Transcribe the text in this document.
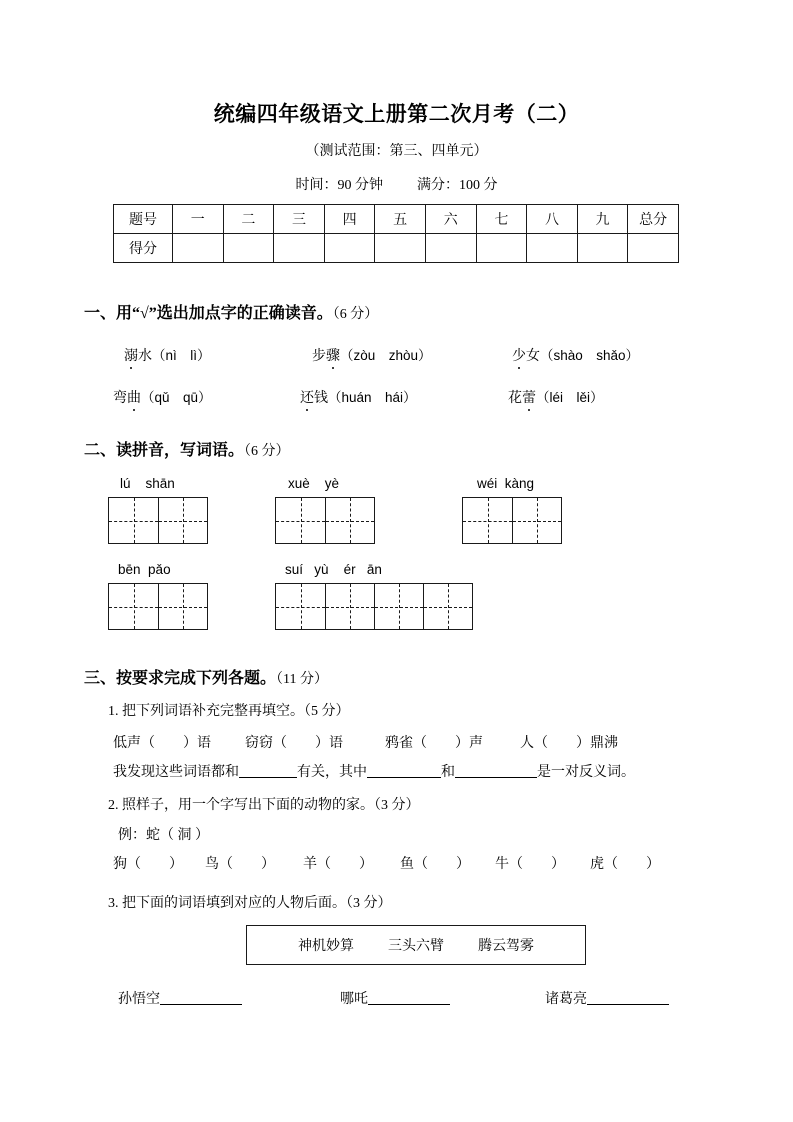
统编四年级语文上册第二次月考（二）
（测试范围：第三、四单元）
时间：90 分钟 满分：100 分
题号	一	二	三	四	五	六	七	八	九	总分
得分										
一、用“√”选出加点字的正确读音。（6 分）
溺水（nì　lì）	步骤（zòu　zhòu）	少女（shào　shǎo）
弯曲（qǔ　qū）	还钱（huán　hái）	花蕾（léi　lěi）
二、读拼音，写词语。（6 分）
lú shān	xuè yè	wéi kàng
bēn pǎo	suí yù ér ān
三、按要求完成下列各题。（11 分）
1. 把下列词语补充完整再填空。（5 分）
低声（　　）语 窃窃（　　）语	鸦雀（　　）声	人（　　）鼎沸
我发现这些词语都和	有关，其中	和	是一对反义词。
2. 照样子，用一个字写出下面的动物的家。（3 分）
例：蛇（ 洞 ）
狗（　　） 鸟（　　） 羊（　　） 鱼（　　） 牛（　　） 虎（　　）
3. 把下面的词语填到对应的人物后面。（3 分）
神机妙算 三头六臂 腾云驾雾
孙悟空	哪吒	诸葛亮
